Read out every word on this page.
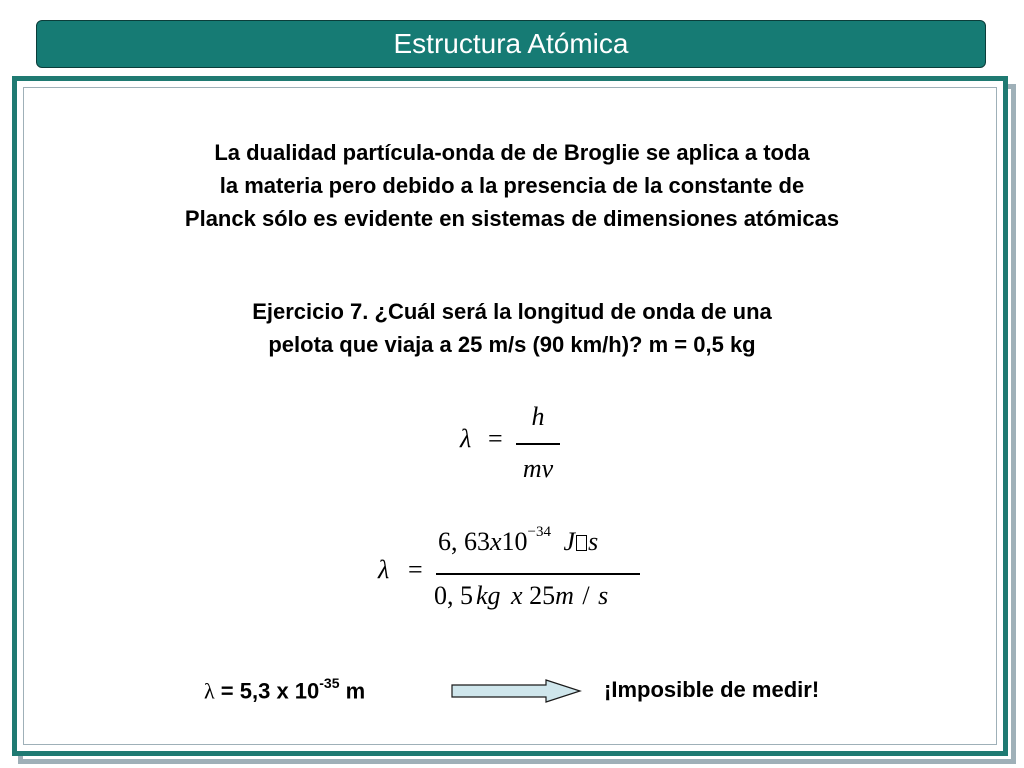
Estructura Atómica
La dualidad partícula-onda de de Broglie se aplica a toda
la materia pero debido a la presencia de la constante de
Planck sólo es evidente en sistemas de dimensiones atómicas
Ejercicio 7. ¿Cuál será la longitud de onda de una
pelota que viaja a 25 m/s (90 km/h)? m = 0,5 kg
λ =
h
mv
λ =
6, $63x10^{-34}$ J s
0, 5 kg x 25m / s
λ = 5,3 x $10^{-35}$ m	¡Imposible de medir!
